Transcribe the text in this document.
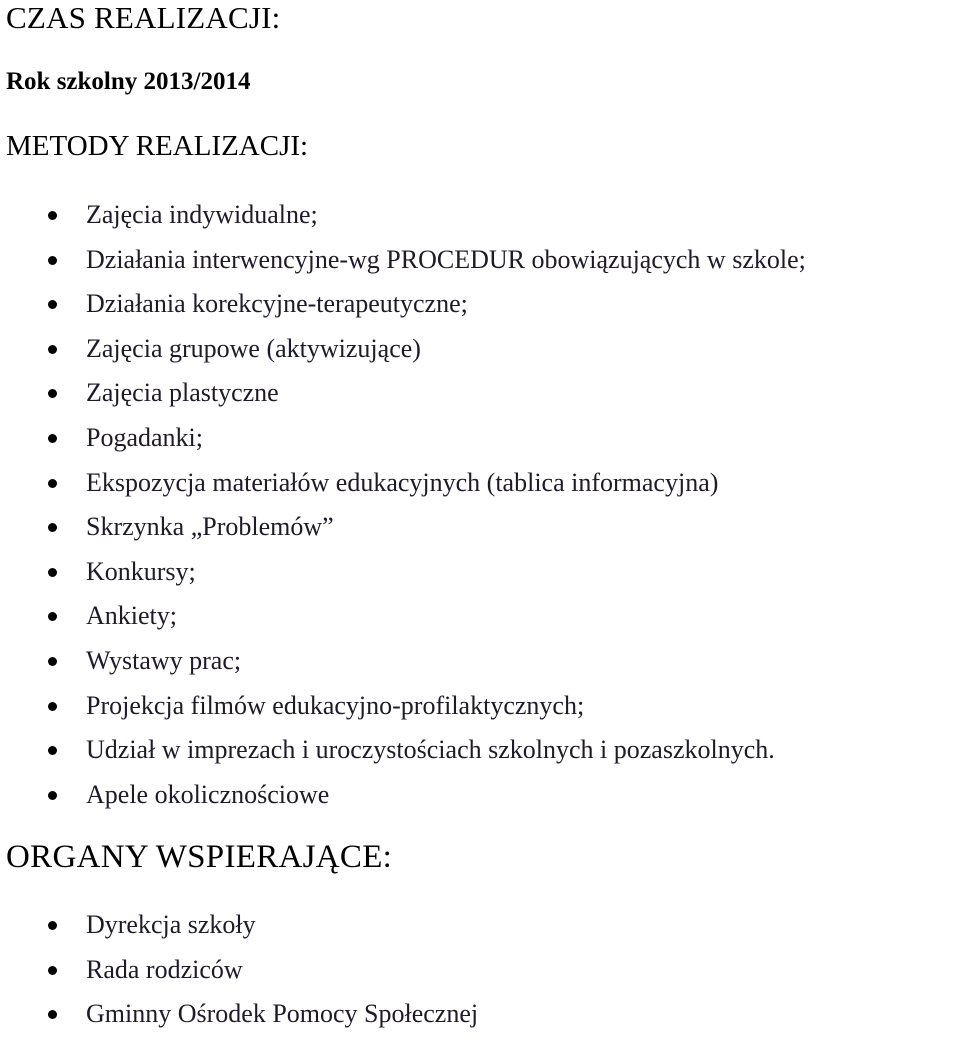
CZAS REALIZACJI:
Rok szkolny 2013/2014
METODY REALIZACJI:
Zajęcia indywidualne;
Działania interwencyjne-wg PROCEDUR obowiązujących w szkole;
Działania korekcyjne-terapeutyczne;
Zajęcia grupowe (aktywizujące)
Zajęcia plastyczne
Pogadanki;
Ekspozycja materiałów edukacyjnych (tablica informacyjna)
Skrzynka „Problemów”
Konkursy;
Ankiety;
Wystawy prac;
Projekcja filmów edukacyjno-profilaktycznych;
Udział w imprezach i uroczystościach szkolnych i pozaszkolnych.
Apele okolicznościowe
ORGANY WSPIERAJĄCE:
Dyrekcja szkoły
Rada rodziców
Gminny Ośrodek Pomocy Społecznej
